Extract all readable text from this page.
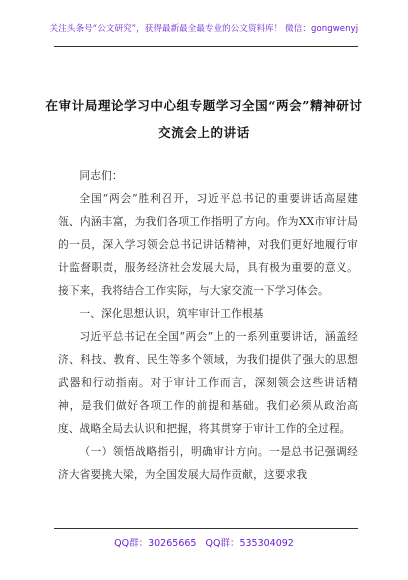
关注头条号“公文研究”，获得最新最全最专业的公文资料库！ 微信：gongwenyj
在审计局理论学习中心组专题学习全国“两会”精神研讨
交流会上的讲话

同志们：

全国“两会”胜利召开，习近平总书记的重要讲话高屋建瓴、内涵丰富，为我们各项工作指明了方向。作为XX市审计局的一员，深入学习领会总书记讲话精神，对我们更好地履行审计监督职责，服务经济社会发展大局，具有极为重要的意义。接下来，我将结合工作实际，与大家交流一下学习体会。

一、深化思想认识，筑牢审计工作根基

习近平总书记在全国“两会”上的一系列重要讲话，涵盖经济、科技、教育、民生等多个领域，为我们提供了强大的思想武器和行动指南。对于审计工作而言，深刻领会这些讲话精神，是我们做好各项工作的前提和基础。我们必须从政治高度、战略全局去认识和把握，将其贯穿于审计工作的全过程。

（一）领悟战略指引，明确审计方向。一是总书记强调经济大省要挑大梁，为全国发展大局作贡献，这要求我

QQ群：30265665 QQ群：535304092
